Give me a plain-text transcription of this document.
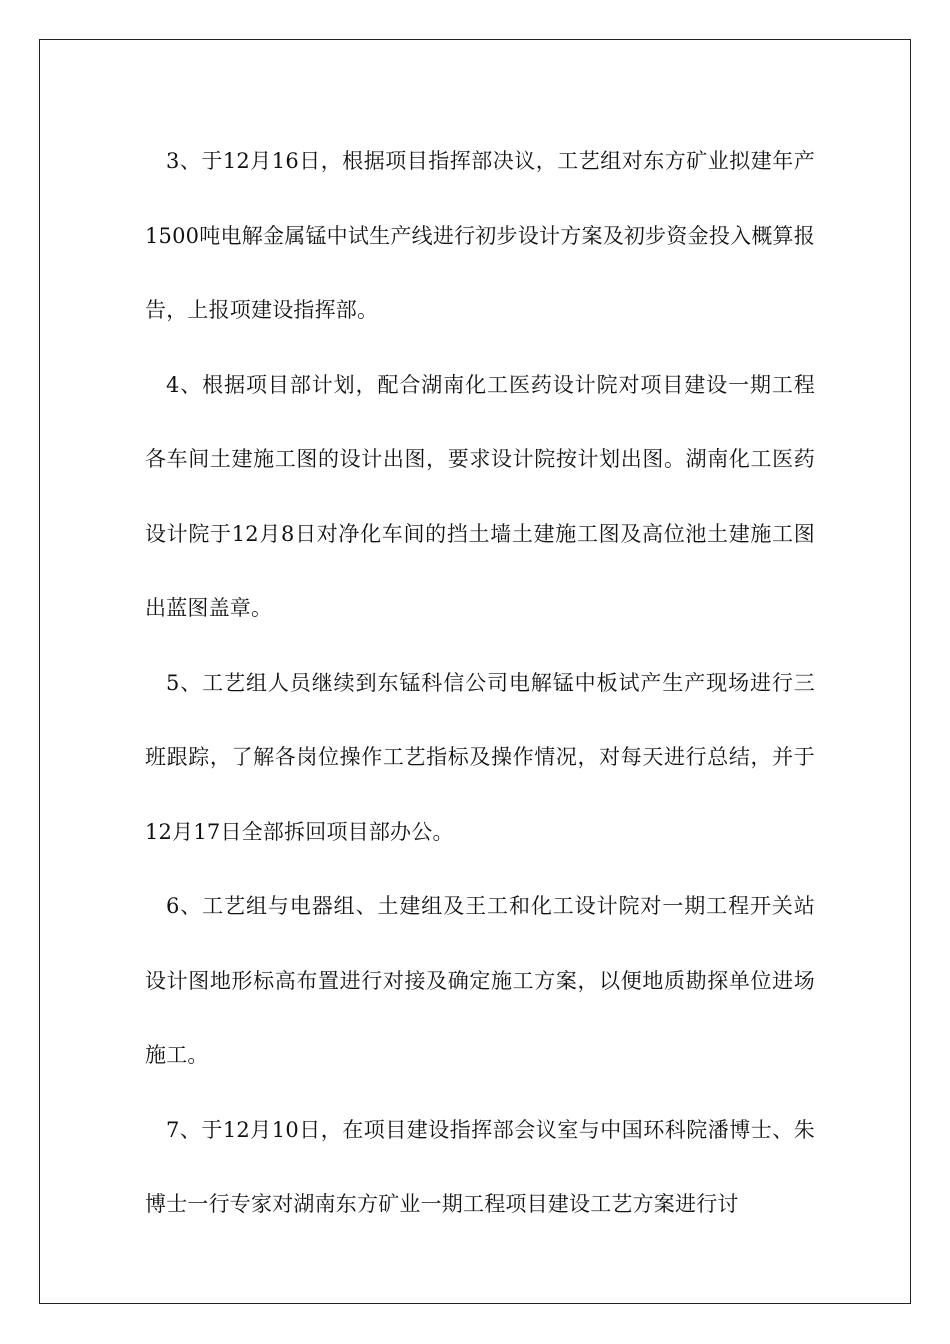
3、于12月16日，根据项目指挥部决议，工艺组对东方矿业拟建年产1500吨电解金属锰中试生产线进行初步设计方案及初步资金投入概算报告，上报项建设指挥部。

4、根据项目部计划，配合湖南化工医药设计院对项目建设一期工程各车间土建施工图的设计出图，要求设计院按计划出图。湖南化工医药设计院于12月8日对净化车间的挡土墙土建施工图及高位池土建施工图出蓝图盖章。

5、工艺组人员继续到东锰科信公司电解锰中板试产生产现场进行三班跟踪，了解各岗位操作工艺指标及操作情况，对每天进行总结，并于12月17日全部拆回项目部办公。

6、工艺组与电器组、土建组及王工和化工设计院对一期工程开关站设计图地形标高布置进行对接及确定施工方案，以便地质勘探单位进场施工。

7、于12月10日，在项目建设指挥部会议室与中国环科院潘博士、朱博士一行专家对湖南东方矿业一期工程项目建设工艺方案进行讨
